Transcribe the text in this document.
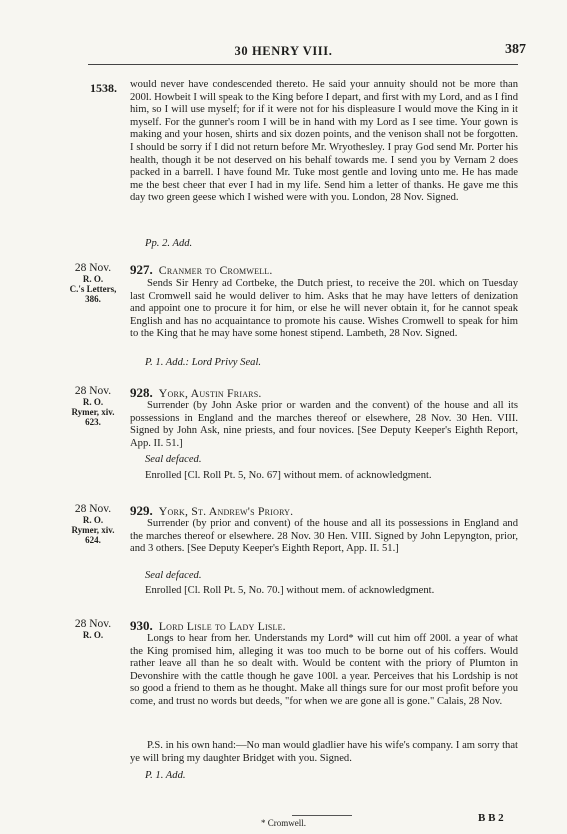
30 HENRY VIII.	387
1538. would never have condescended thereto. He said your annuity should not be more than 200l. Howbeit I will speak to the King before I depart, and first with my Lord, and as I find him, so I will use myself; for if it were not for his displeasure I would move the King in it myself. For the gunner's room I will be in hand with my Lord as I see time. Your gown is making and your hosen, shirts and six dozen points, and the venison shall not be forgotten. I should be sorry if I did not return before Mr. Wryothesley. I pray God send Mr. Porter his health, though it be not deserved on his behalf towards me. I send you by Vernam 2 does packed in a barrell. I have found Mr. Tuke most gentle and loving unto me. He has made me the best cheer that ever I had in my life. Send him a letter of thanks. He gave me this day two green geese which I wished were with you. London, 28 Nov. Signed.
Pp. 2. Add.
28 Nov.
R. O.
C.'s Letters,
386.
927. Cranmer to Cromwell.
Sends Sir Henry ad Cortbeke, the Dutch priest, to receive the 20l. which on Tuesday last Cromwell said he would deliver to him. Asks that he may have letters of denization and appoint one to procure it for him, or else he will never obtain it, for he cannot speak English and has no acquaintance to promote his cause. Wishes Cromwell to speak for him to the King that he may have some honest stipend. Lambeth, 28 Nov. Signed.
P. 1. Add.: Lord Privy Seal.
28 Nov.
R. O.
Rymer, xiv.
623.
928. York, Austin Friars.
Surrender (by John Aske prior or warden and the convent) of the house and all its possessions in England and the marches thereof or elsewhere, 28 Nov. 30 Hen. VIII. Signed by John Ask, nine priests, and four novices. [See Deputy Keeper's Eighth Report, App. II. 51.]
Seal defaced.
Enrolled [Cl. Roll Pt. 5, No. 67] without mem. of acknowledgment.
28 Nov.
R. O.
Rymer, xiv.
624.
929. York, St. Andrew's Priory.
Surrender (by prior and convent) of the house and all its possessions in England and the marches thereof or elsewhere. 28 Nov. 30 Hen. VIII. Signed by John Lepyngton, prior, and 3 others. [See Deputy Keeper's Eighth Report, App. II. 51.]
Seal defaced.
Enrolled [Cl. Roll Pt. 5, No. 70.] without mem. of acknowledgment.
28 Nov.
R. O.
930. Lord Lisle to Lady Lisle.
Longs to hear from her. Understands my Lord* will cut him off 200l. a year of what the King promised him, alleging it was too much to be borne out of his coffers. Would rather leave all than he so dealt with. Would be content with the priory of Plumton in Devonshire with the cattle though he gave 100l. a year. Perceives that his Lordship is not so good a friend to them as he thought. Make all things sure for our most profit before you come, and trust no words but deeds, "for when we are gone all is gone." Calais, 28 Nov.
P.S. in his own hand:—No man would gladlier have his wife's company. I am sorry that ye will bring my daughter Bridget with you. Signed.
P. 1. Add.
* Cromwell.	B B 2
